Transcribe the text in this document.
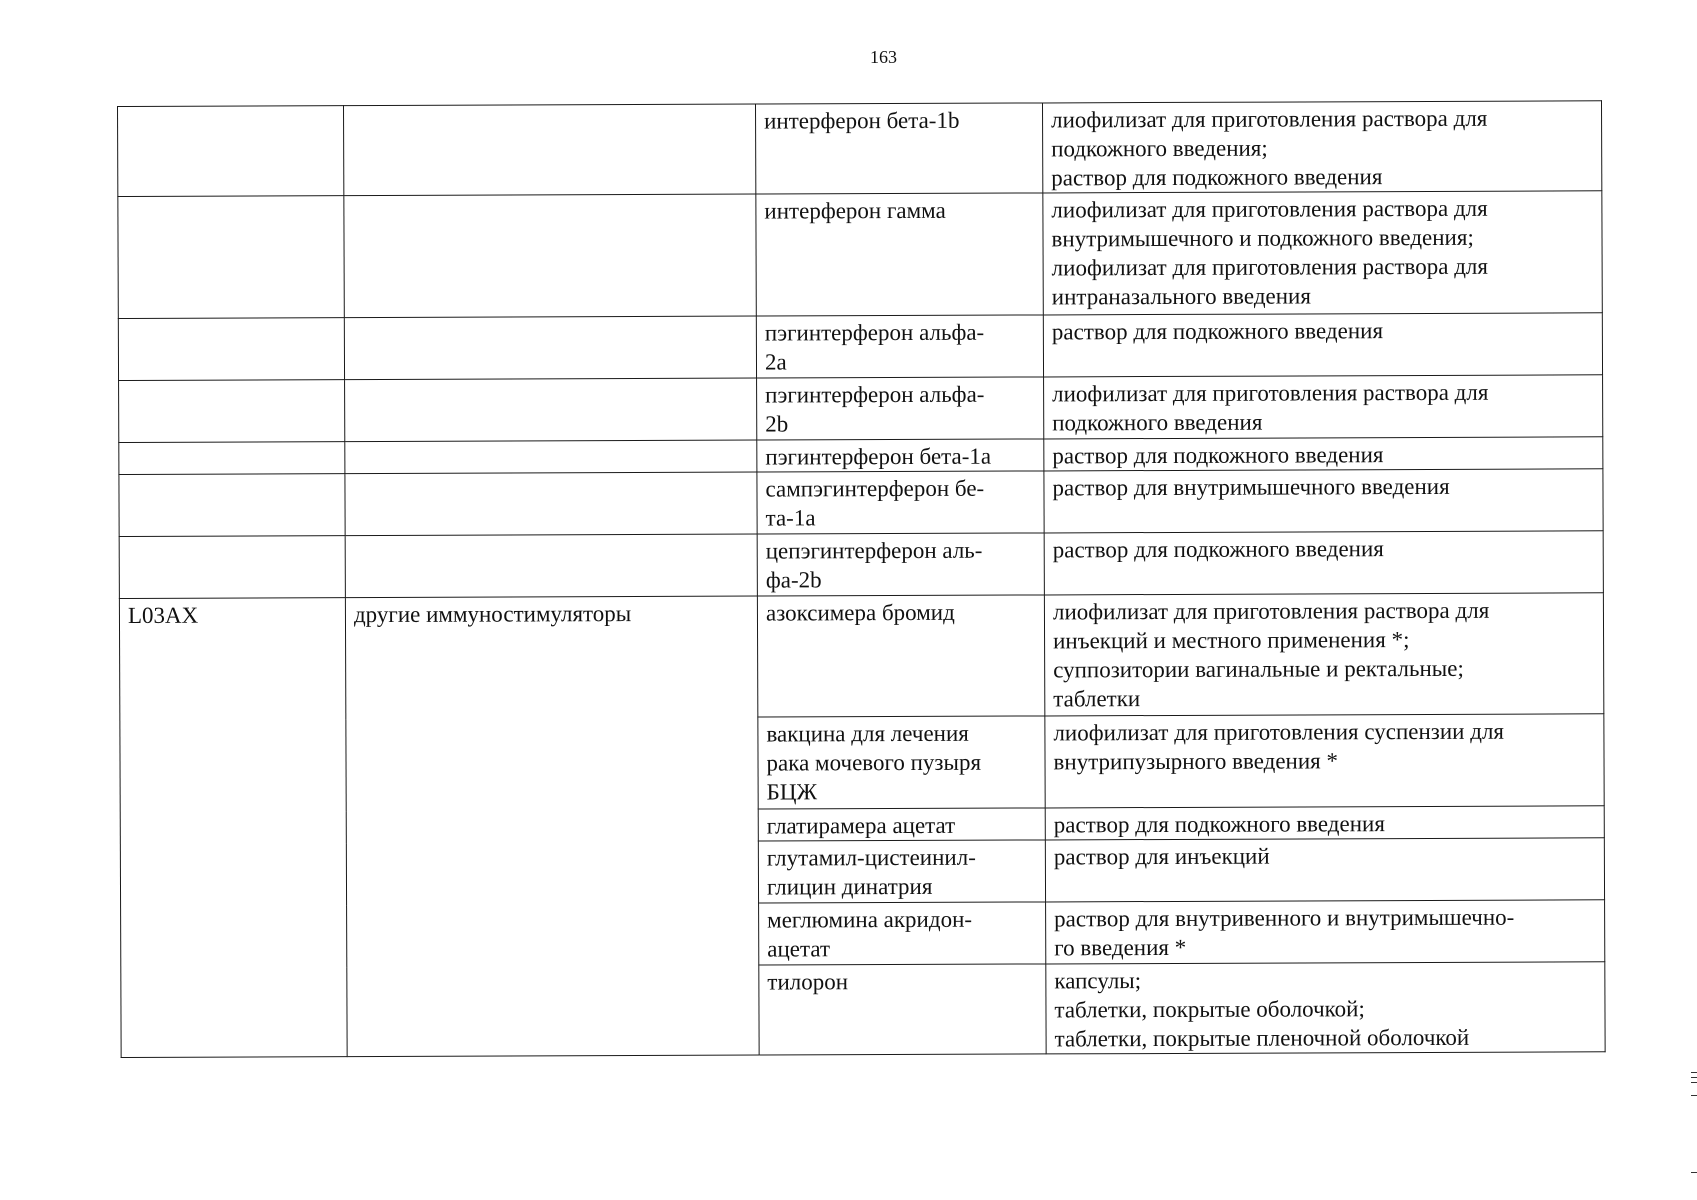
163

		интерферон бета-1b	лиофилизат для приготовления раствора для
подкожного введения;
раствор для подкожного введения

		интерферон гамма	лиофилизат для приготовления раствора для
внутримышечного и подкожного введения;
лиофилизат для приготовления раствора для
интраназального введения

		пэгинтерферон альфа-
2a	раствор для подкожного введения

		пэгинтерферон альфа-
2b	лиофилизат для приготовления раствора для
подкожного введения

		пэгинтерферон бета-1a	раствор для подкожного введения

		сампэгинтерферон бе-
та-1a	раствор для внутримышечного введения

		цепэгинтерферон аль-
фа-2b	раствор для подкожного введения

L03AX	другие иммуностимуляторы	азоксимера бромид	лиофилизат для приготовления раствора для
инъекций и местного применения *;
суппозитории вагинальные и ректальные;
таблетки

		вакцина для лечения
рака мочевого пузыря
БЦЖ	лиофилизат для приготовления суспензии для
внутрипузырного введения *

		глатирамера ацетат	раствор для подкожного введения

		глутамил-цистеинил-
глицин динатрия	раствор для инъекций

		меглюмина акридон-
ацетат	раствор для внутривенного и внутримышечно-
го введения *

		тилорон	капсулы;
таблетки, покрытые оболочкой;
таблетки, покрытые пленочной оболочкой
